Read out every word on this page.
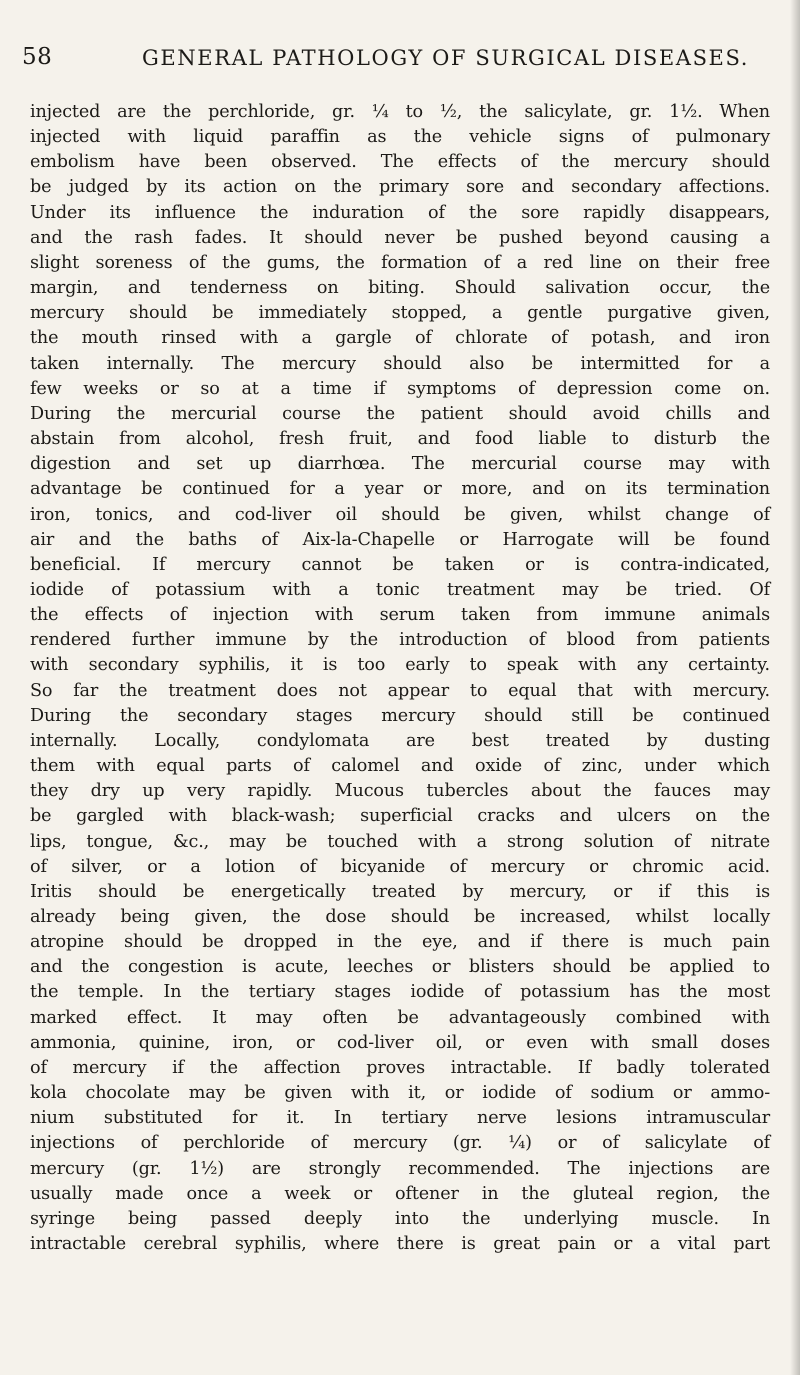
58	GENERAL PATHOLOGY OF SURGICAL DISEASES.
injected are the perchloride, gr. ¼ to ½, the salicylate, gr. 1½. When
injected with liquid paraffin as the vehicle signs of pulmonary
embolism have been observed. The effects of the mercury should
be judged by its action on the primary sore and secondary affections.
Under its influence the induration of the sore rapidly disappears,
and the rash fades. It should never be pushed beyond causing a
slight soreness of the gums, the formation of a red line on their free
margin, and tenderness on biting. Should salivation occur, the
mercury should be immediately stopped, a gentle purgative given,
the mouth rinsed with a gargle of chlorate of potash, and iron
taken internally. The mercury should also be intermitted for a
few weeks or so at a time if symptoms of depression come on.
During the mercurial course the patient should avoid chills and
abstain from alcohol, fresh fruit, and food liable to disturb the
digestion and set up diarrhœa. The mercurial course may with
advantage be continued for a year or more, and on its termination
iron, tonics, and cod-liver oil should be given, whilst change of
air and the baths of Aix-la-Chapelle or Harrogate will be found
beneficial. If mercury cannot be taken or is contra-indicated,
iodide of potassium with a tonic treatment may be tried. Of
the effects of injection with serum taken from immune animals
rendered further immune by the introduction of blood from patients
with secondary syphilis, it is too early to speak with any certainty.
So far the treatment does not appear to equal that with mercury.
During the secondary stages mercury should still be continued
internally. Locally, condylomata are best treated by dusting
them with equal parts of calomel and oxide of zinc, under which
they dry up very rapidly. Mucous tubercles about the fauces may
be gargled with black-wash; superficial cracks and ulcers on the
lips, tongue, &c., may be touched with a strong solution of nitrate
of silver, or a lotion of bicyanide of mercury or chromic acid.
Iritis should be energetically treated by mercury, or if this is
already being given, the dose should be increased, whilst locally
atropine should be dropped in the eye, and if there is much pain
and the congestion is acute, leeches or blisters should be applied to
the temple. In the tertiary stages iodide of potassium has the most
marked effect. It may often be advantageously combined with
ammonia, quinine, iron, or cod-liver oil, or even with small doses
of mercury if the affection proves intractable. If badly tolerated
kola chocolate may be given with it, or iodide of sodium or ammo-
nium substituted for it. In tertiary nerve lesions intramuscular
injections of perchloride of mercury (gr. ¼) or of salicylate of
mercury (gr. 1½) are strongly recommended. The injections are
usually made once a week or oftener in the gluteal region, the
syringe being passed deeply into the underlying muscle. In
intractable cerebral syphilis, where there is great pain or a vital part
